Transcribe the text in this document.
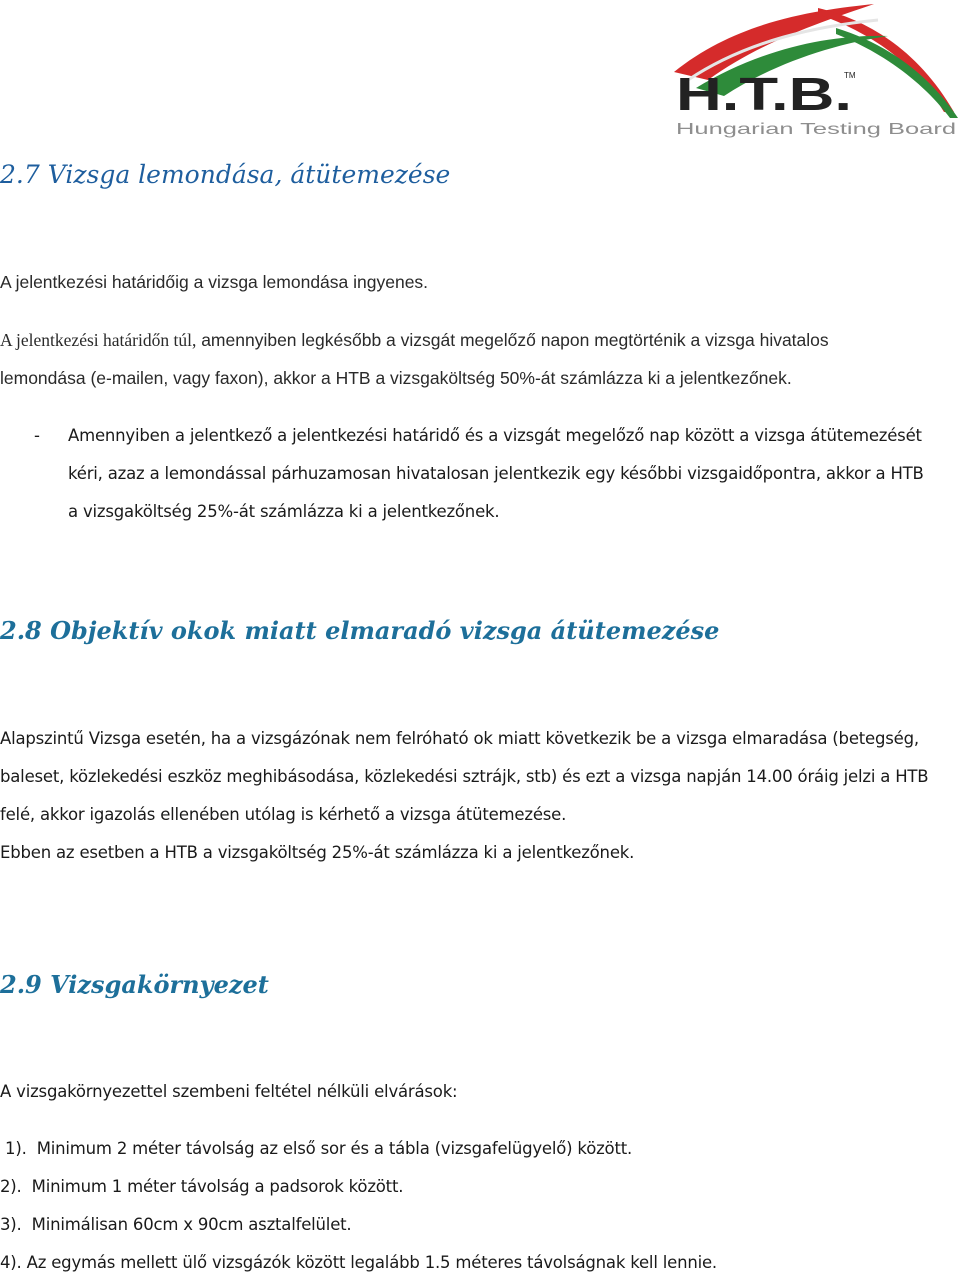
H.T.B.
TM
Hungarian Testing Board
2.7 Vizsga lemondása, átütemezése

A jelentkezési határidőig a vizsga lemondása ingyenes.

A jelentkezési határidőn túl, amennyiben legkésőbb a vizsgát megelőző napon megtörténik a vizsga hivatalos

lemondása (e-mailen, vagy faxon), akkor a HTB a vizsgaköltség 50%-át számlázza ki a jelentkezőnek.

- Amennyiben a jelentkező a jelentkezési határidő és a vizsgát megelőző nap között a vizsga átütemezését

kéri, azaz a lemondással párhuzamosan hivatalosan jelentkezik egy későbbi vizsgaidőpontra, akkor a HTB

a vizsgaköltség 25%-át számlázza ki a jelentkezőnek.

2.8 Objektív okok miatt elmaradó vizsga átütemezése

Alapszintű Vizsga esetén, ha a vizsgázónak nem felróható ok miatt következik be a vizsga elmaradása (betegség,

baleset, közlekedési eszköz meghibásodása, közlekedési sztrájk, stb) és ezt a vizsga napján 14.00 óráig jelzi a HTB

felé, akkor igazolás ellenében utólag is kérhető a vizsga átütemezése.

Ebben az esetben a HTB a vizsgaköltség 25%-át számlázza ki a jelentkezőnek.

2.9 Vizsgakörnyezet

A vizsgakörnyezettel szembeni feltétel nélküli elvárások:

1).  Minimum 2 méter távolság az első sor és a tábla (vizsgafelügyelő) között.

2).  Minimum 1 méter távolság a padsorok között.

3).  Minimálisan 60cm x 90cm asztalfelület.

4). Az egymás mellett ülő vizsgázók között legalább 1.5 méteres távolságnak kell lennie.
